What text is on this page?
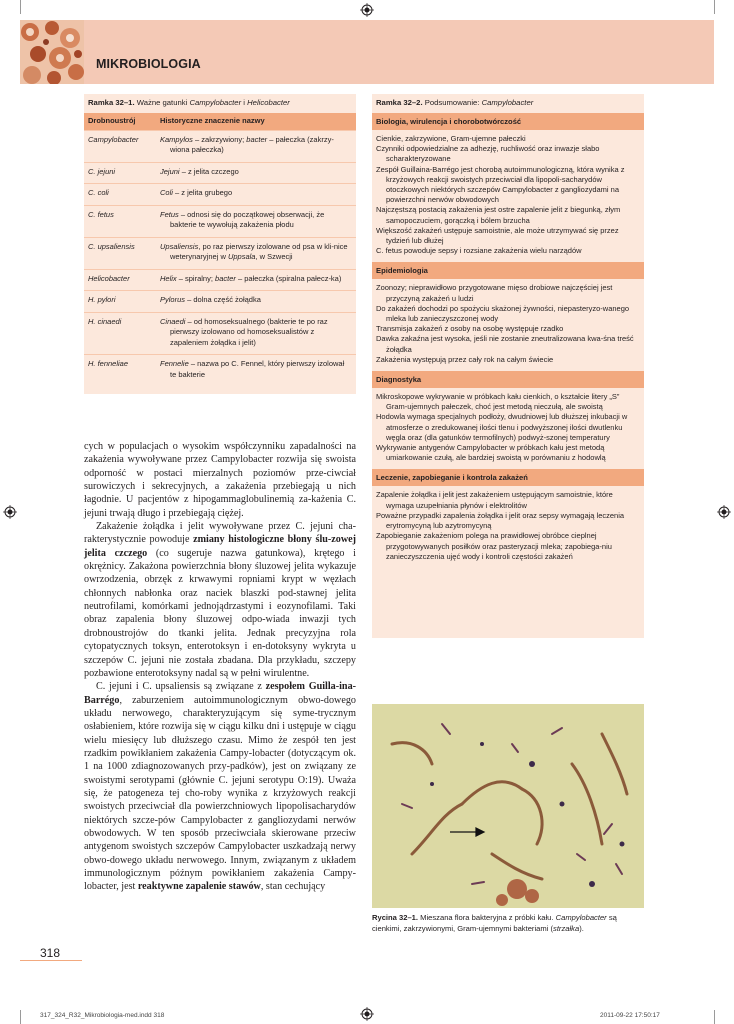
MIKROBIOLOGIA
Ramka 32–1. Ważne gatunki Campylobacter i Helicobacter
Drobnoustrój	Historyczne znaczenie nazwy
Campylobacter	Kampylos – zakrzywiony; bacter – pałeczka (zakrzy-wiona pałeczka)
C. jejuni	Jejuni – z jelita czczego
C. coli	Coli – z jelita grubego
C. fetus	Fetus – odnosi się do początkowej obserwacji, że bakterie te wywołują zakażenia płodu
C. upsaliensis	Upsaliensis, po raz pierwszy izolowane od psa w kli-nice weterynaryjnej w Uppsala, w Szwecji
Helicobacter	Helix – spiralny; bacter – pałeczka (spiralna pałecz-ka)
H. pylori	Pylorus – dolna część żołądka
H. cinaedi	Cinaedi – od homoseksualnego (bakterie te po raz pierwszy izolowano od homoseksualistów z zapaleniem żołądka i jelit)
H. fenneliae	Fennelie – nazwa po C. Fennel, który pierwszy izolował te bakterie
Ramka 32–2. Podsumowanie: Campylobacter
Biologia, wirulencja i chorobotwórczość

Cienkie, zakrzywione, Gram-ujemne pałeczki

Czynniki odpowiedzialne za adhezję, ruchliwość oraz inwazje słabo scharakteryzowane

Zespół Guillaina-Barrégo jest chorobą autoimmunologiczną, która wynika z krzyżowych reakcji swoistych przeciwciał dla lipopoli-sacharydów otoczkowych niektórych szczepów Campylobacter z gangliozydami na powierzchni nerwów obwodowych

Najczęstszą postacią zakażenia jest ostre zapalenie jelit z biegunką, złym samopoczuciem, gorączką i bólem brzucha

Większość zakażeń ustępuje samoistnie, ale może utrzymywać się przez tydzień lub dłużej

C. fetus powoduje sepsy i rozsiane zakażenia wielu narządów

Epidemiologia

Zoonozy; nieprawidłowo przygotowane mięso drobiowe najczęściej jest przyczyną zakażeń u ludzi

Do zakażeń dochodzi po spożyciu skażonej żywności, niepasteryzo-wanego mleka lub zanieczyszczonej wody

Transmisja zakażeń z osoby na osobę występuje rzadko

Dawka zakaźna jest wysoka, jeśli nie zostanie zneutralizowana kwa-śna treść żołądka

Zakażenia występują przez cały rok na całym świecie

Diagnostyka

Mikroskopowe wykrywanie w próbkach kału cienkich, o kształcie litery „S” Gram-ujemnych pałeczek, choć jest metodą nieczułą, ale swoistą

Hodowla wymaga specjalnych podłoży, dwudniowej lub dłuższej inkubacji w atmosferze o zredukowanej ilości tlenu i podwyższonej ilości dwutlenku węgla oraz (dla gatunków termofilnych) podwyż-szonej temperatury

Wykrywanie antygenów Campylobacter w próbkach kału jest metodą umiarkowanie czułą, ale bardziej swoistą w porównaniu z hodowlą

Leczenie, zapobieganie i kontrola zakażeń

Zapalenie żołądka i jelit jest zakażeniem ustępującym samoistnie, które wymaga uzupełniania płynów i elektrolitów

Poważne przypadki zapalenia żołądka i jelit oraz sepsy wymagają leczenia erytromycyną lub azytromycyną

Zapobieganie zakażeniom polega na prawidłowej obróbce cieplnej przygotowywanych posiłków oraz pasteryzacji mleka; zapobiega-niu zanieczyszczenia ujęć wody i kontroli częstości zakażeń

cych w populacjach o wysokim współczynniku zapadalności na zakażenia wywoływane przez Campylobacter rozwija się swoista odporność w postaci mierzalnych poziomów prze-ciwciał surowiczych i sekrecyjnych, a zakażenia przebiegają u nich łagodnie. U pacjentów z hipogammaglobulinemią za-każenia C. jejuni trwają długo i przebiegają ciężej.

Zakażenie żołądka i jelit wywoływane przez C. jejuni cha-rakterystycznie powoduje zmiany histologiczne błony ślu-zowej jelita czczego (co sugeruje nazwa gatunkowa), krętego i okrężnicy. Zakażona powierzchnia błony śluzowej jelita wykazuje owrzodzenia, obrzęk z krwawymi ropniami krypt w węzłach chłonnych nabłonka oraz naciek blaszki pod-stawnej jelita neutrofilami, komórkami jednojądrzastymi i eozynofilami. Taki obraz zapalenia błony śluzowej odpo-wiada inwazji tych drobnoustrojów do tkanki jelita. Jednak precyzyjna rola cytopatycznych toksyn, enterotoksyn i en-dotoksyny wykryta u szczepów C. jejuni nie została zbadana. Dla przykładu, szczepy pozbawione enterotoksyny nadal są w pełni wirulentne.

C. jejuni i C. upsaliensis są związane z zespołem Guilla-ina-Barrégo, zaburzeniem autoimmunologicznym obwo-dowego układu nerwowego, charakteryzującym się syme-trycznym osłabieniem, które rozwija się w ciągu kilku dni i ustępuje w ciągu wielu miesięcy lub dłuższego czasu. Mimo że zespół ten jest rzadkim powikłaniem zakażenia Campy-lobacter (dotyczącym ok. 1 na 1000 zdiagnozowanych przy-padków), jest on związany ze swoistymi serotypami (głównie C. jejuni serotypu O:19). Uważa się, że patogeneza tej cho-roby wynika z krzyżowych reakcji swoistych przeciwciał dla powierzchniowych lipopolisacharydów niektórych szcze-pów Campylobacter z gangliozydami nerwów obwodowych. W ten sposób przeciwciała skierowane przeciw antygenom swoistych szczepów Campylobacter uszkadzają nerwy obwo-dowego układu nerwowego. Innym, związanym z układem immunologicznym późnym powikłaniem zakażenia Campy-lobacter, jest reaktywne zapalenie stawów, stan cechujący

Rycina 32–1. Mieszana flora bakteryjna z próbki kału. Campylobacter są cienkimi, zakrzywionymi, Gram-ujemnymi bakteriami (strzałka).
318
317_324_R32_Mikrobiologia-med.indd 318	2011-09-22 17:50:17
